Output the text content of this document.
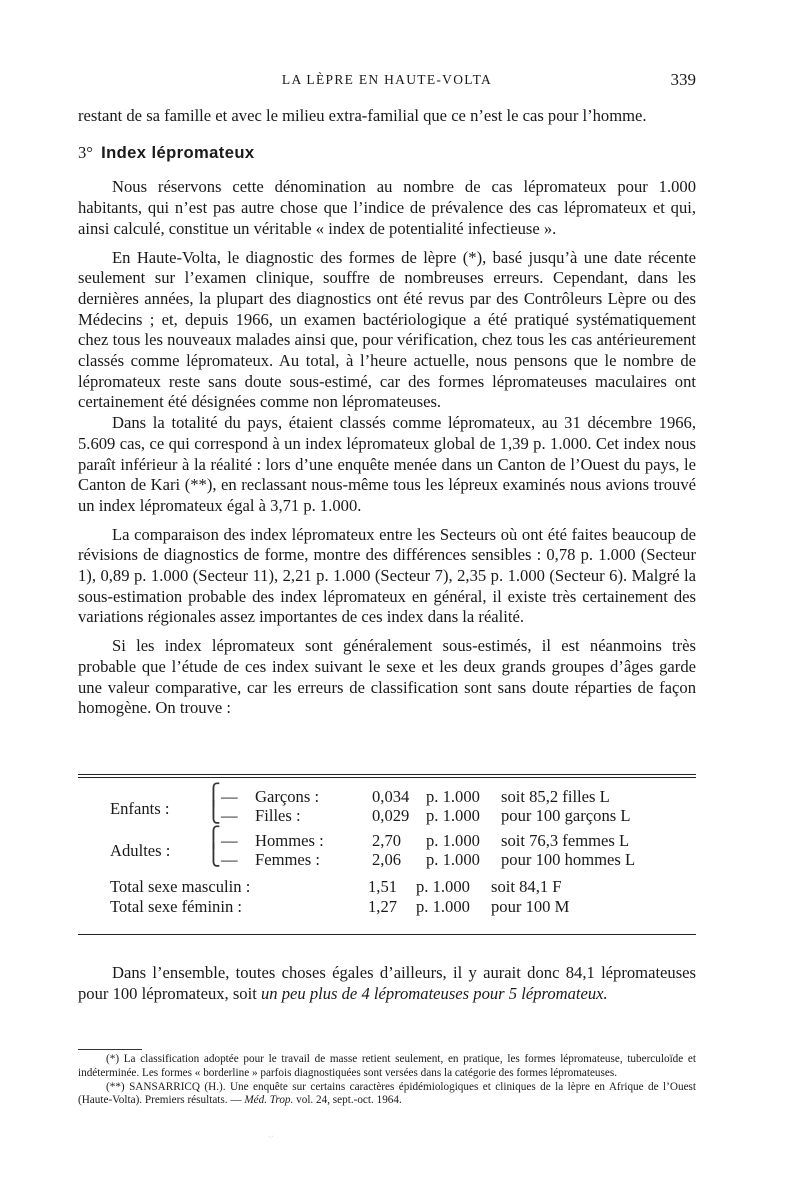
LA LÈPRE EN HAUTE-VOLTA	339

restant de sa famille et avec le milieu extra-familial que ce n’est le cas pour l’homme.

3° Index lépromateux

Nous réservons cette dénomination au nombre de cas lépromateux pour 1.000 habitants, qui n’est pas autre chose que l’indice de prévalence des cas lépromateux et qui, ainsi calculé, constitue un véritable « index de potentialité infectieuse ».

En Haute-Volta, le diagnostic des formes de lèpre (*), basé jusqu’à une date récente seulement sur l’examen clinique, souffre de nombreuses erreurs. Cependant, dans les dernières années, la plupart des diagnostics ont été revus par des Contrôleurs Lèpre ou des Médecins ; et, depuis 1966, un examen bactériologique a été pratiqué systématiquement chez tous les nouveaux malades ainsi que, pour vérification, chez tous les cas antérieurement classés comme lépromateux. Au total, à l’heure actuelle, nous pensons que le nombre de lépromateux reste sans doute sous-estimé, car des formes lépromateuses maculaires ont certainement été désignées comme non lépromateuses.

Dans la totalité du pays, étaient classés comme lépromateux, au 31 décembre 1966, 5.609 cas, ce qui correspond à un index lépromateux global de 1,39 p. 1.000. Cet index nous paraît inférieur à la réalité : lors d’une enquête menée dans un Canton de l’Ouest du pays, le Canton de Kari (**), en reclassant nous-même tous les lépreux examinés nous avions trouvé un index lépromateux égal à 3,71 p. 1.000.

La comparaison des index lépromateux entre les Secteurs où ont été faites beaucoup de révisions de diagnostics de forme, montre des différences sensibles : 0,78 p. 1.000 (Secteur 1), 0,89 p. 1.000 (Secteur 11), 2,21 p. 1.000 (Secteur 7), 2,35 p. 1.000 (Secteur 6). Malgré la sous-estimation probable des index lépromateux en général, il existe très certainement des variations régionales assez importantes de ces index dans la réalité.

Si les index lépromateux sont généralement sous-estimés, il est néanmoins très probable que l’étude de ces index suivant le sexe et les deux grands groupes d’âges garde une valeur comparative, car les erreurs de classification sont sans doute réparties de façon homogène. On trouve :

Enfants :
⎧
⎩
— Garçons :	0,034 p. 1.000 soit 85,2 filles L
— Filles :	0,029 p. 1.000 pour 100 garçons L
Adultes :
⎧
⎩
— Hommes :	2,70 p. 1.000 soit 76,3 femmes L
— Femmes :	2,06 p. 1.000 pour 100 hommes L
Total sexe masculin :	1,51 p. 1.000 soit 84,1 F
Total sexe féminin :	1,27 p. 1.000 pour 100 M

Dans l’ensemble, toutes choses égales d’ailleurs, il y aurait donc 84,1 lépromateuses pour 100 lépromateux, soit un peu plus de 4 lépromateuses pour 5 lépromateux.

(*) La classification adoptée pour le travail de masse retient seulement, en pratique, les formes lépromateuse, tuberculoïde et indéterminée. Les formes « borderline » parfois diagnostiquées sont versées dans la catégorie des formes lépromateuses.

(**) SANSARRICQ (H.). Une enquête sur certains caractères épidémiologiques et cliniques de la lèpre en Afrique de l’Ouest (Haute-Volta). Premiers résultats. — Méd. Trop. vol. 24, sept.-oct. 1964.

·.·
